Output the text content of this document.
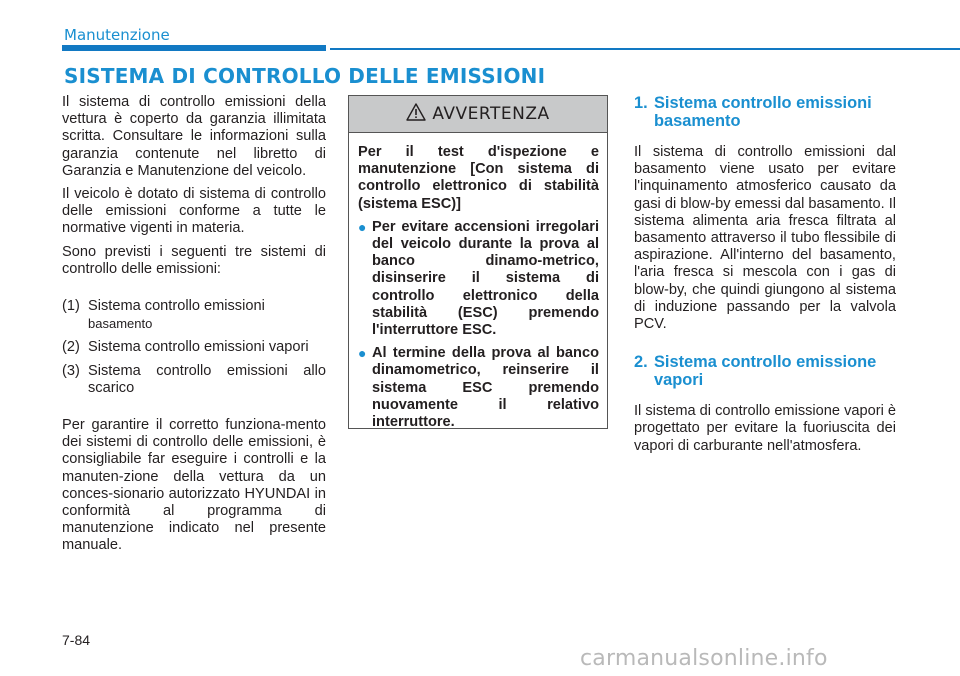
Manutenzione
SISTEMA DI CONTROLLO DELLE EMISSIONI

Il sistema di controllo emissioni della vettura è coperto da garanzia illimitata scritta. Consultare le informazioni sulla garanzia contenute nel libretto di Garanzia e Manutenzione del veicolo.

Il veicolo è dotato di sistema di controllo delle emissioni conforme a tutte le normative vigenti in materia.

Sono previsti i seguenti tre sistemi di controllo delle emissioni:

(1) Sistema controllo emissioni
basamento
(2) Sistema controllo emissioni vapori
(3) Sistema controllo emissioni allo scarico

Per garantire il corretto funziona-mento dei sistemi di controllo delle emissioni, è consigliabile far eseguire i controlli e la manuten-zione della vettura da un conces-sionario autorizzato HYUNDAI in conformità al programma di manutenzione indicato nel presente manuale.

AVVERTENZA

Per il test d'ispezione e manutenzione [Con sistema di controllo elettronico di stabilità (sistema ESC)]

● Per evitare accensioni irregolari del veicolo durante la prova al banco dinamo-metrico, disinserire il sistema di controllo elettronico della stabilità (ESC) premendo l'interruttore ESC.
● Al termine della prova al banco dinamometrico, reinserire il sistema ESC premendo nuovamente il relativo interruttore.
1. Sistema controllo emissioni basamento

Il sistema di controllo emissioni dal basamento viene usato per evitare l'inquinamento atmosferico causato da gasi di blow-by emessi dal basamento. Il sistema alimenta aria fresca filtrata al basamento attraverso il tubo flessibile di aspirazione. All'interno del basamento, l'aria fresca si mescola con i gas di blow-by, che quindi giungono al sistema di induzione passando per la valvola PCV.

2. Sistema controllo emissione vapori

Il sistema di controllo emissione vapori è progettato per evitare la fuoriuscita dei vapori di carburante nell'atmosfera.

7-84
carmanualsonline.info
